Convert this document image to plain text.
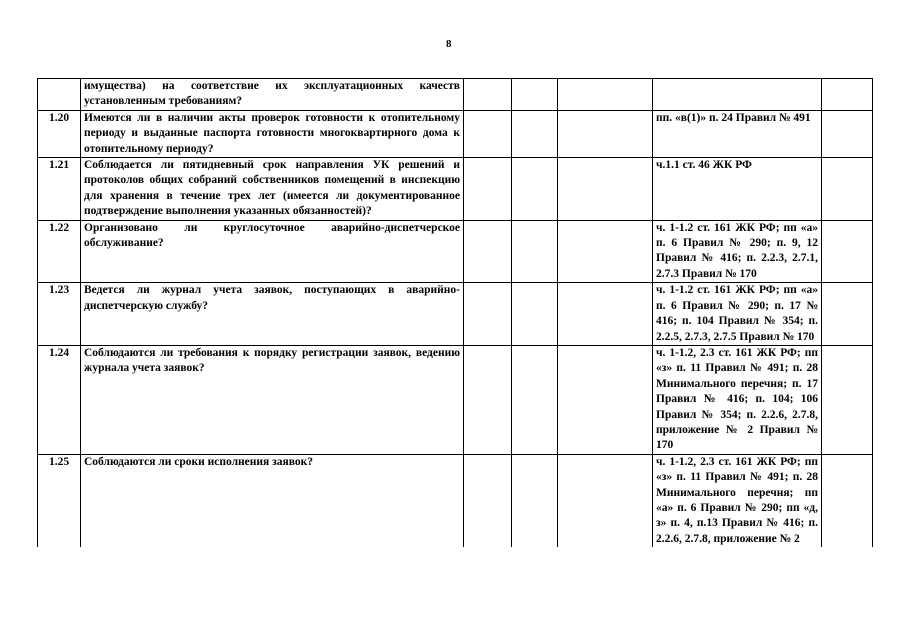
8
	имущества) на соответствие их эксплуатационных качеств установленным требованиям?					
1.20	Имеются ли в наличии акты проверок готовности к отопительному периоду и выданные паспорта готовности многоквартирного дома к отопительному периоду?				пп. «в(1)» п. 24 Правил № 491	
1.21	Соблюдается ли пятидневный срок направления УК решений и протоколов общих собраний собственников помещений в инспекцию для хранения в течение трех лет (имеется ли документированное подтверждение выполнения указанных обязанностей)?				ч.1.1 ст. 46 ЖК РФ	
1.22	Организовано ли круглосуточное аварийно-диспетчерское обслуживание?				ч. 1-1.2 ст. 161 ЖК РФ; пп «а» п. 6 Правил № 290; п. 9, 12 Правил № 416; п. 2.2.3, 2.7.1, 2.7.3 Правил № 170	
1.23	Ведется ли журнал учета заявок, поступающих в аварийно-диспетчерскую службу?				ч. 1-1.2 ст. 161 ЖК РФ; пп «а» п. 6 Правил № 290; п. 17 № 416; п. 104 Правил № 354; п. 2.2.5, 2.7.3, 2.7.5 Правил № 170	
1.24	Соблюдаются ли требования к порядку регистрации заявок, ведению журнала учета заявок?				ч. 1-1.2, 2.3 ст. 161 ЖК РФ; пп «з» п. 11 Правил № 491; п. 28 Минимального перечня; п. 17 Правил № 416; п. 104; 106 Правил № 354; п. 2.2.6, 2.7.8, приложение № 2 Правил № 170	
1.25	Соблюдаются ли сроки исполнения заявок?				ч. 1-1.2, 2.3 ст. 161 ЖК РФ; пп «з» п. 11 Правил № 491; п. 28 Минимального перечня; пп «а» п. 6 Правил № 290; пп «д, з» п. 4, п.13 Правил № 416; п. 2.2.6, 2.7.8, приложение № 2	
